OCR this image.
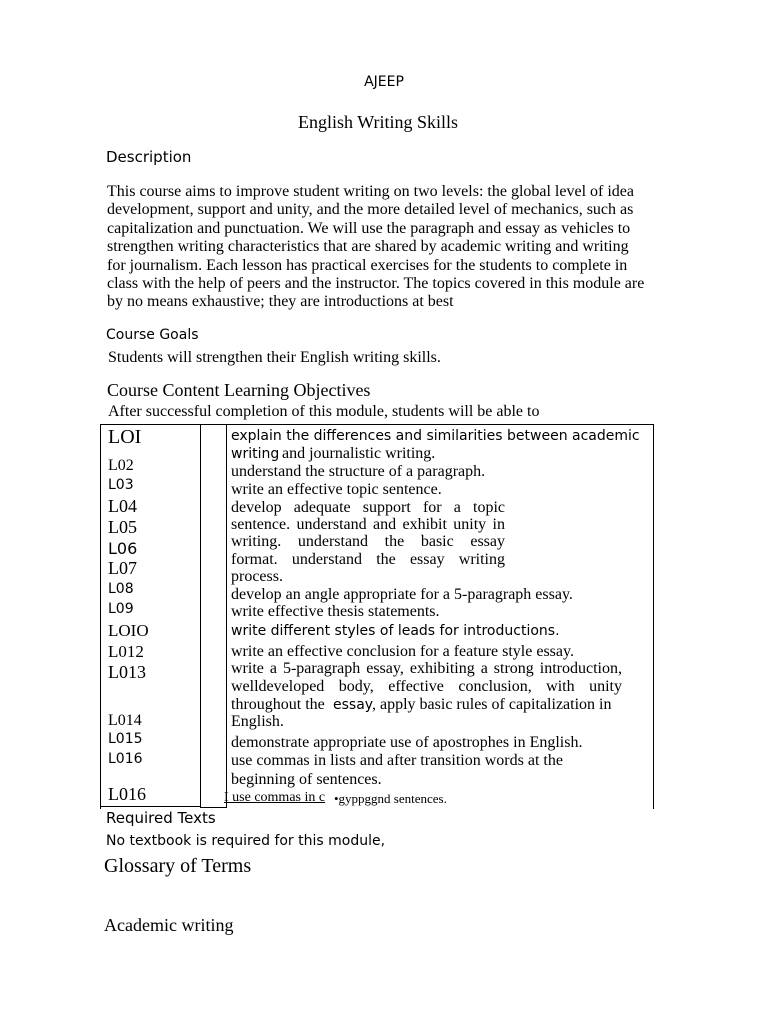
AJEEP
English Writing Skills
Description
This course aims to improve student writing on two levels: the global level of idea development, support and unity, and the more detailed level of mechanics, such as capitalization and punctuation. We will use the paragraph and essay as vehicles to strengthen writing characteristics that are shared by academic writing and writing for journalism. Each lesson has practical exercises for the students to complete in class with the help of peers and the instructor. The topics covered in this module are by no means exhaustive; they are introductions at best
Course Goals
Students will strengthen their English writing skills.
Course Content Learning Objectives
After successful completion of this module, students will be able to
LOI
L02
L03
L04
L05
L06
L07
L08
L09
LOIO
L012
L013
L014
L015
L016
L016
explain the differences and similarities between academic
writing and journalistic writing.
understand the structure of a paragraph.
write an effective topic sentence.
develop adequate support for a topic
sentence. understand and exhibit unity in
writing. understand the basic essay
format. understand the essay writing
process.
develop an angle appropriate for a 5-paragraph essay.
write effective thesis statements.
write different styles of leads for introductions.
write an effective conclusion for a feature style essay.
write a 5-paragraph essay, exhibiting a strong introduction,
welldeveloped body, effective conclusion, with unity
throughout the essay
, apply basic rules of capitalization in
English.
demonstrate appropriate use of apostrophes in English.
use commas in lists and after transition words at the
beginning of sentences.
I use commas in c •gyppggnd sentences.
Required Texts
No textbook is required for this module,
Glossary of Terms
Academic writing
